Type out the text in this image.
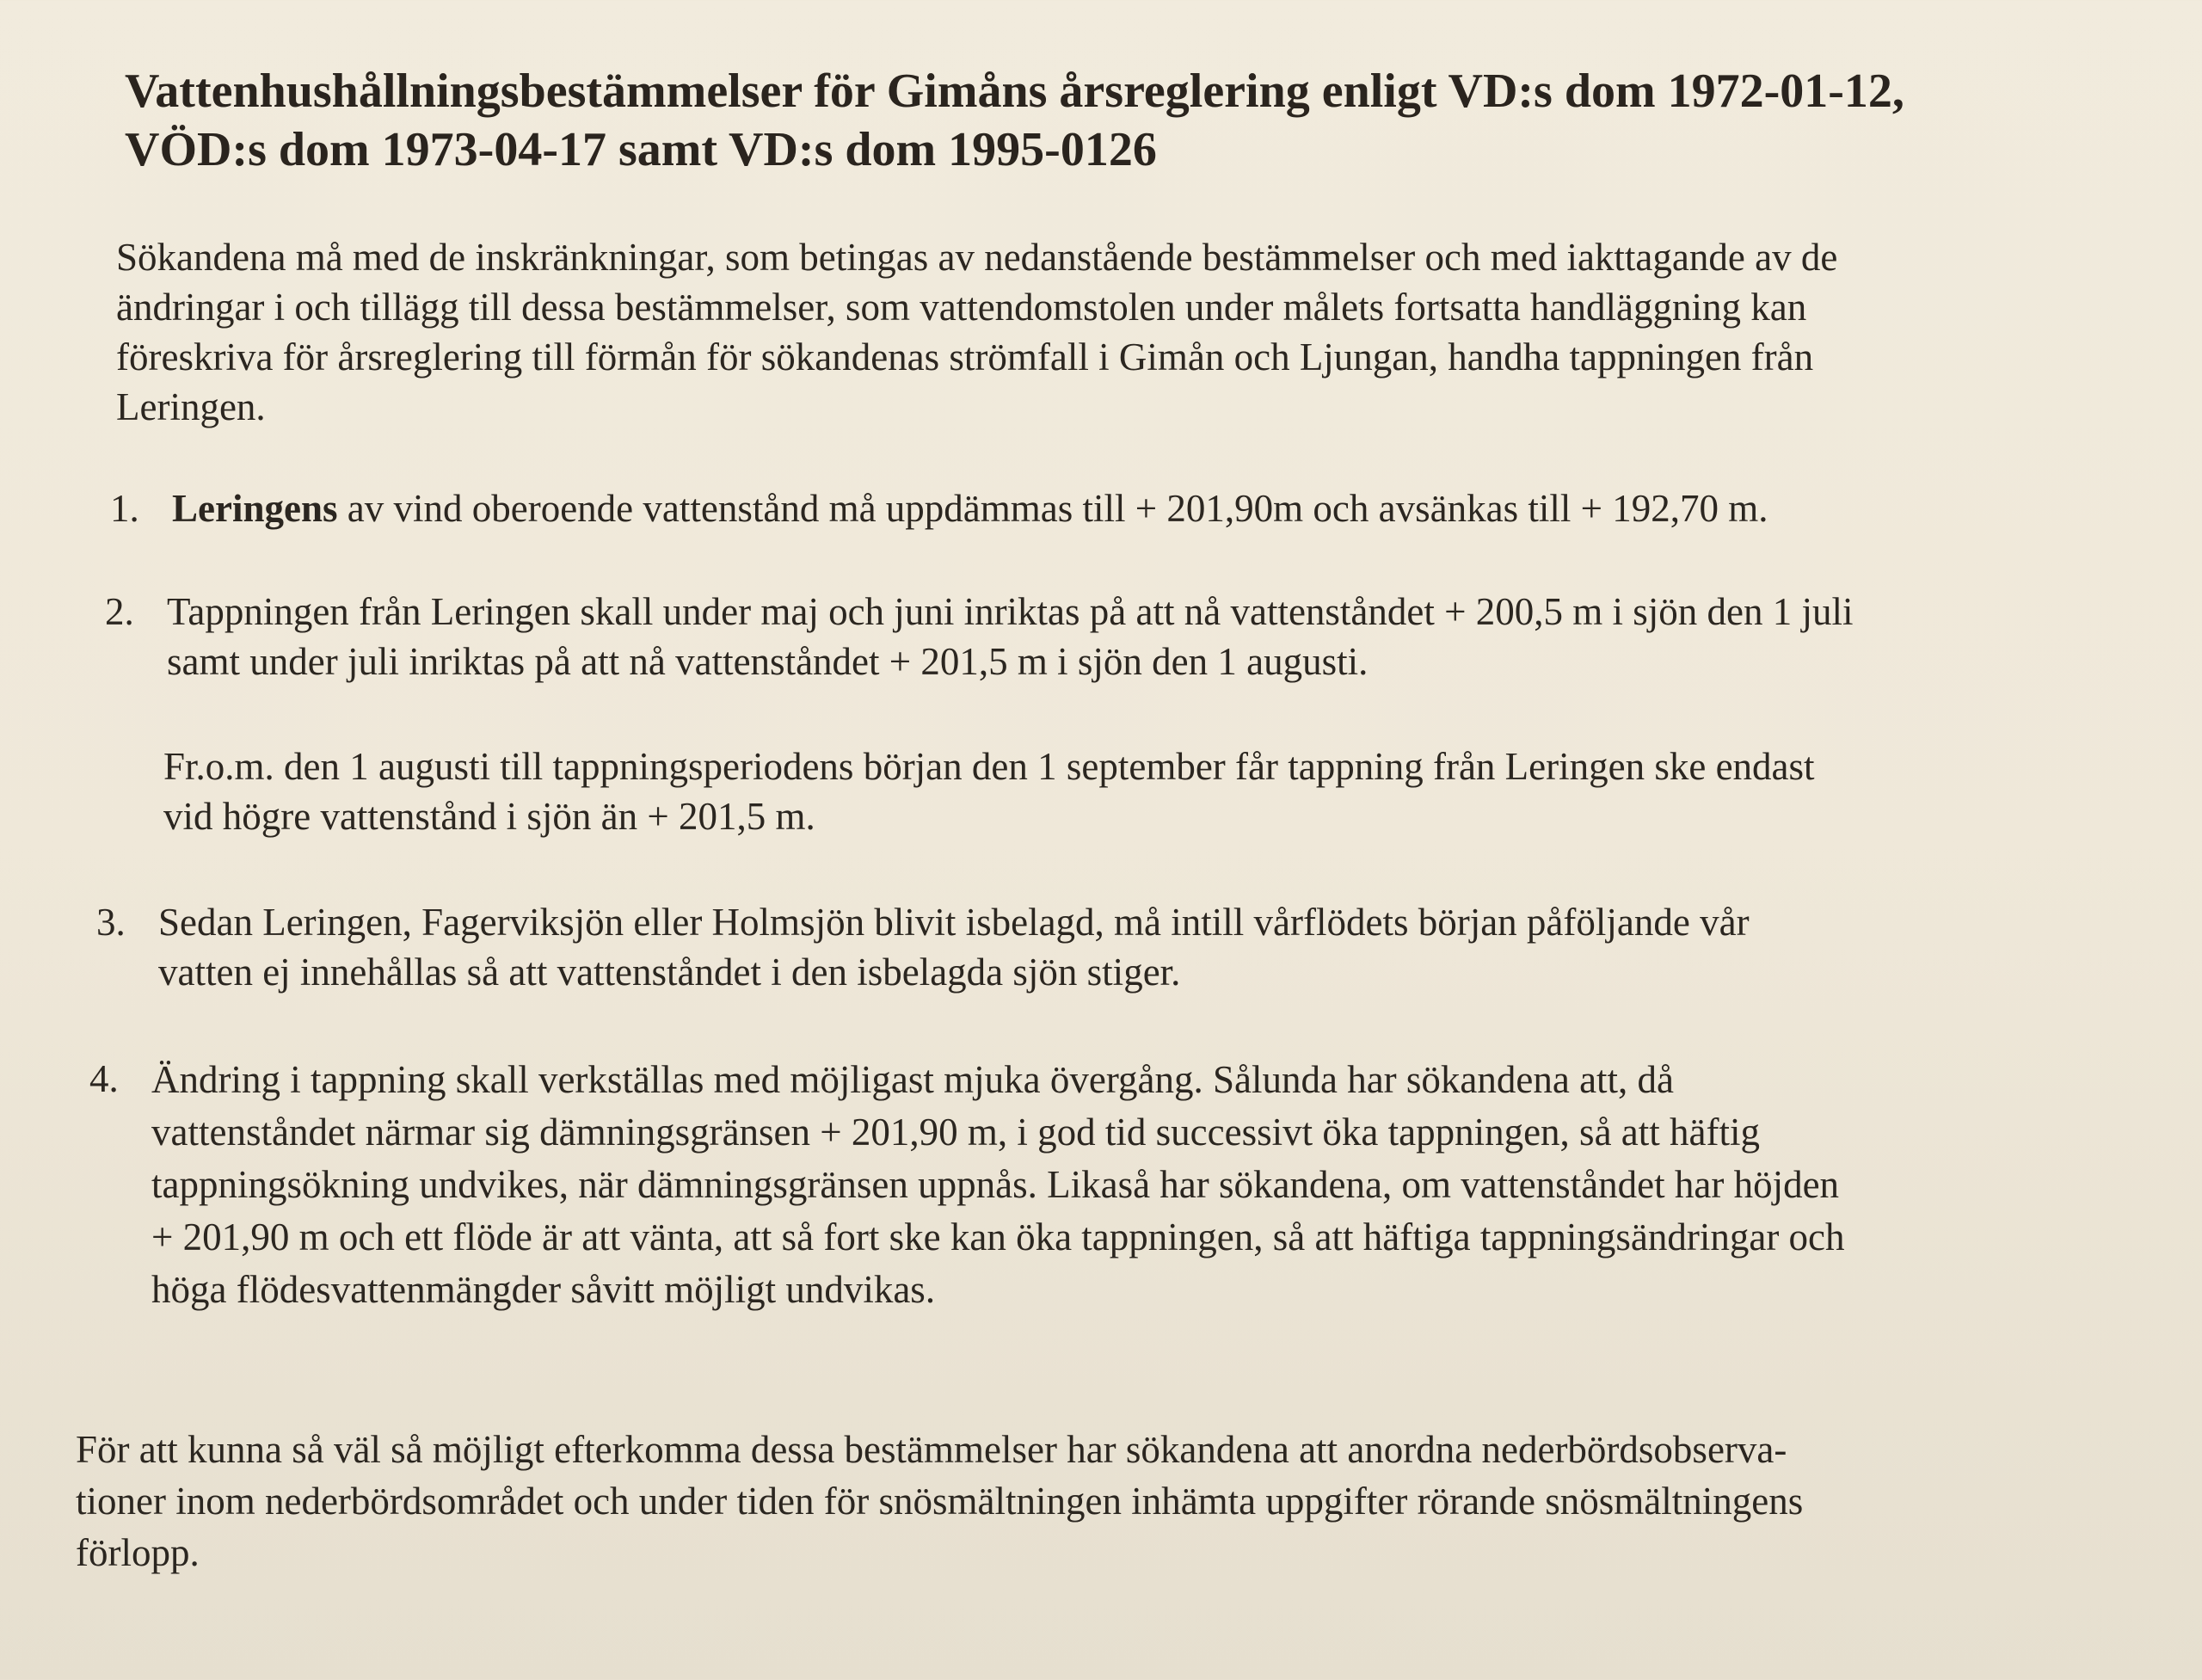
Vattenhushållningsbestämmelser för Gimåns årsreglering enligt VD:s dom 1972-01-12,
VÖD:s dom 1973-04-17 samt VD:s dom 1995-0126
Sökandena må med de inskränkningar, som betingas av nedanstående bestämmelser och med iakttagande av de
ändringar i och tillägg till dessa bestämmelser, som vattendomstolen under målets fortsatta handläggning kan
föreskriva för årsreglering till förmån för sökandenas strömfall i Gimån och Ljungan, handha tappningen från
Leringen.
1. Leringens av vind oberoende vattenstånd må uppdämmas till + 201,90m och avsänkas till + 192,70 m.
2. Tappningen från Leringen skall under maj och juni inriktas på att nå vattenståndet + 200,5 m i sjön den 1 juli
samt under juli inriktas på att nå vattenståndet + 201,5 m i sjön den 1 augusti.
Fr.o.m. den 1 augusti till tappningsperiodens början den 1 september får tappning från Leringen ske endast
vid högre vattenstånd i sjön än + 201,5 m.
3. Sedan Leringen, Fagerviksjön eller Holmsjön blivit isbelagd, må intill vårflödets början påföljande vår
vatten ej innehållas så att vattenståndet i den isbelagda sjön stiger.
4. Ändring i tappning skall verkställas med möjligast mjuka övergång. Sålunda har sökandena att, då
vattenståndet närmar sig dämningsgränsen + 201,90 m, i god tid successivt öka tappningen, så att häftig
tappningsökning undvikes, när dämningsgränsen uppnås. Likaså har sökandena, om vattenståndet har höjden
+ 201,90 m och ett flöde är att vänta, att så fort ske kan öka tappningen, så att häftiga tappningsändringar och
höga flödesvattenmängder såvitt möjligt undvikas.
För att kunna så väl så möjligt efterkomma dessa bestämmelser har sökandena att anordna nederbördsobserva-
tioner inom nederbördsområdet och under tiden för snösmältningen inhämta uppgifter rörande snösmältningens
förlopp.
